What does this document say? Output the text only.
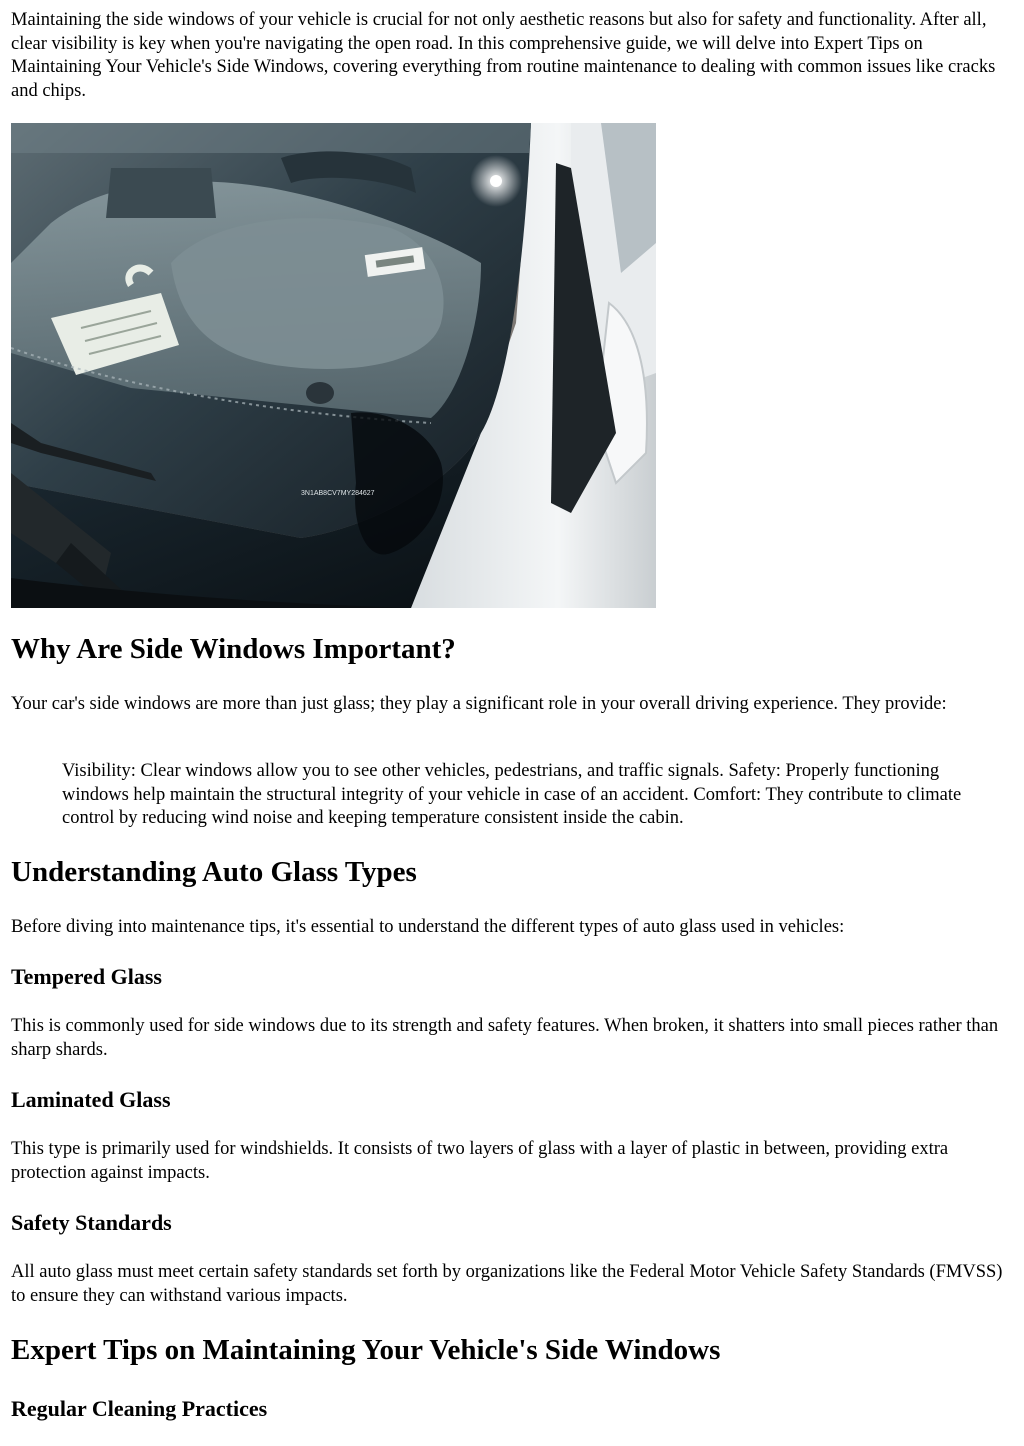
Maintaining the side windows of your vehicle is crucial for not only aesthetic reasons but also for safety and functionality. After all, clear visibility is key when you're navigating the open road. In this comprehensive guide, we will delve into Expert Tips on Maintaining Your Vehicle's Side Windows, covering everything from routine maintenance to dealing with common issues like cracks and chips.

3N1AB8CV7MY284627
Why Are Side Windows Important?

Your car's side windows are more than just glass; they play a significant role in your overall driving experience. They provide:

Visibility: Clear windows allow you to see other vehicles, pedestrians, and traffic signals. Safety: Properly functioning windows help maintain the structural integrity of your vehicle in case of an accident. Comfort: They contribute to climate control by reducing wind noise and keeping temperature consistent inside the cabin.

Understanding Auto Glass Types

Before diving into maintenance tips, it's essential to understand the different types of auto glass used in vehicles:

Tempered Glass

This is commonly used for side windows due to its strength and safety features. When broken, it shatters into small pieces rather than sharp shards.

Laminated Glass

This type is primarily used for windshields. It consists of two layers of glass with a layer of plastic in between, providing extra protection against impacts.

Safety Standards

All auto glass must meet certain safety standards set forth by organizations like the Federal Motor Vehicle Safety Standards (FMVSS) to ensure they can withstand various impacts.

Expert Tips on Maintaining Your Vehicle's Side Windows
Regular Cleaning Practices
